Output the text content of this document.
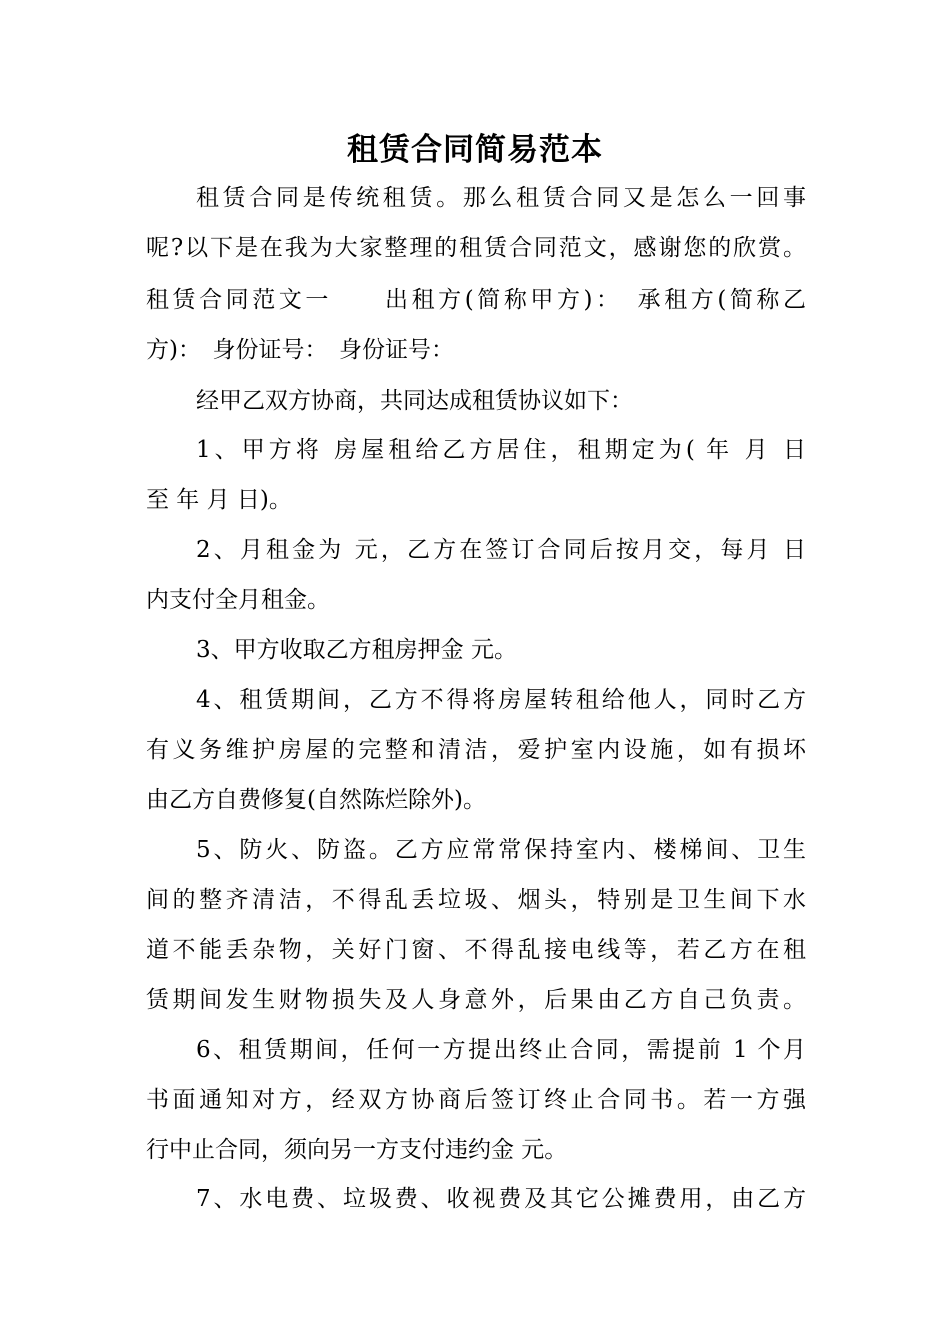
租赁合同简易范本
租赁合同是传统租赁。那么租赁合同又是怎么一回事
呢?以下是在我为大家整理的租赁合同范文，感谢您的欣赏。
租赁合同范文一　　出租方(简称甲方)：　承租方(简称乙
方)：　身份证号：　身份证号：
经甲乙双方协商，共同达成租赁协议如下：
1、甲方将 房屋租给乙方居住，租期定为( 年 月 日
至 年 月 日)。
2、月租金为 元，乙方在签订合同后按月交，每月 日
内支付全月租金。
3、甲方收取乙方租房押金 元。
4、租赁期间，乙方不得将房屋转租给他人，同时乙方
有义务维护房屋的完整和清洁，爱护室内设施，如有损坏
由乙方自费修复(自然陈烂除外)。
5、防火、防盗。乙方应常常保持室内、楼梯间、卫生
间的整齐清洁，不得乱丢垃圾、烟头，特别是卫生间下水
道不能丢杂物，关好门窗、不得乱接电线等，若乙方在租
赁期间发生财物损失及人身意外，后果由乙方自己负责。
6、租赁期间，任何一方提出终止合同，需提前 1 个月
书面通知对方，经双方协商后签订终止合同书。若一方强
行中止合同，须向另一方支付违约金 元。
7、水电费、垃圾费、收视费及其它公摊费用，由乙方
